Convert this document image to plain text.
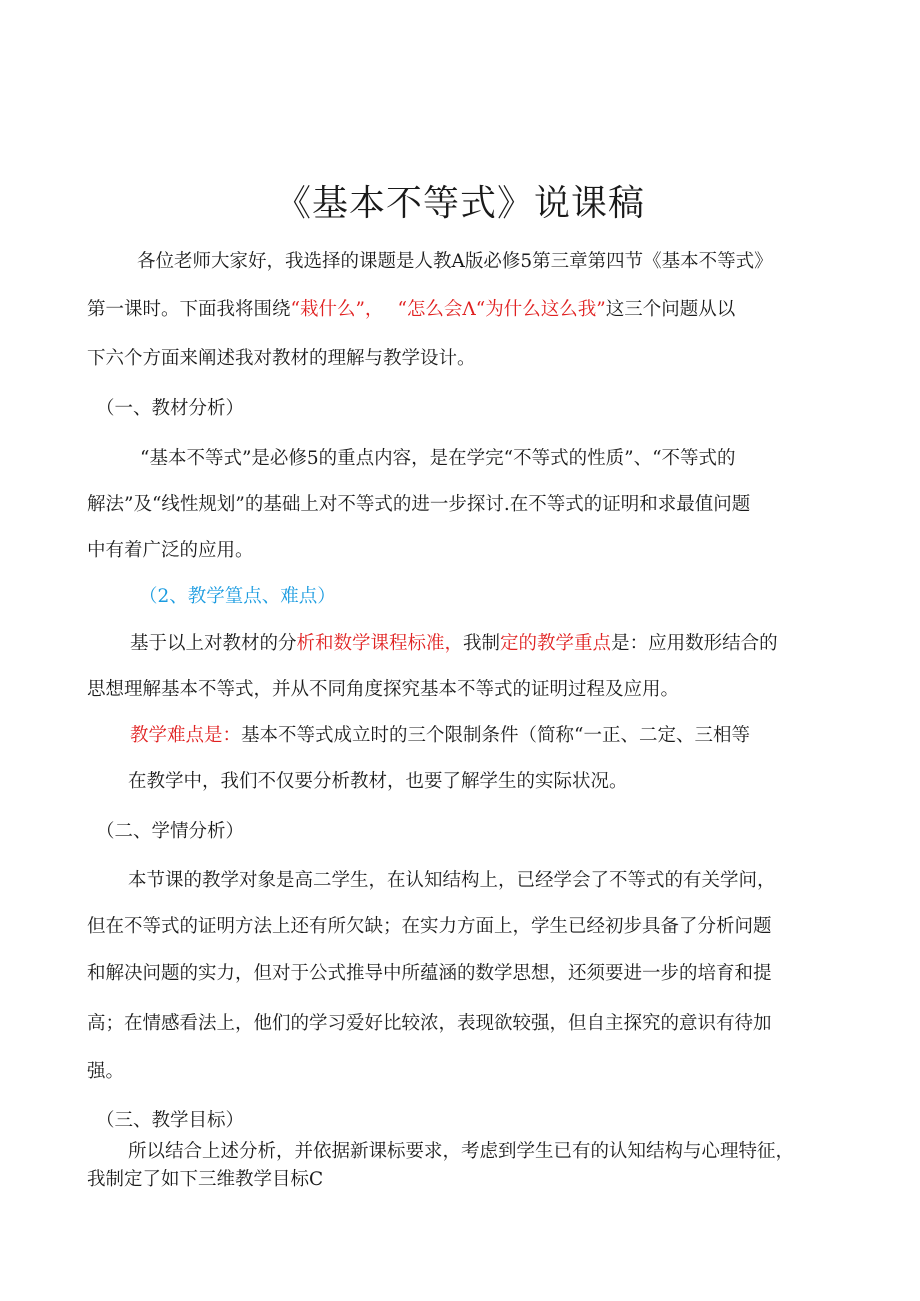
《基本不等式》说课稿
各位老师大家好，我选择的课题是人教A版必修5第三章第四节《基本不等式》
第一课时。下面我将围绕“栽什么”， “怎么会Λ“为什么这么我”这三个问题从以
下六个方面来阐述我对教材的理解与教学设计。
（一、教材分析）
“基本不等式”是必修5的重点内容，是在学完“不等式的性质”、“不等式的
解法”及“线性规划”的基础上对不等式的进一步探讨.在不等式的证明和求最值问题
中有着广泛的应用。
（2、教学篁点、难点）
基于以上对教材的分析和数学课程标准，我制定的教学重点是：应用数形结合的
思想理解基本不等式，并从不同角度探究基本不等式的证明过程及应用。
教学难点是：基本不等式成立时的三个限制条件（简称“一正、二定、三相等
在教学中，我们不仅要分析教材，也要了解学生的实际状况。
（二、学情分析）
本节课的教学对象是高二学生，在认知结构上，已经学会了不等式的有关学问，
但在不等式的证明方法上还有所欠缺；在实力方面上，学生已经初步具备了分析问题
和解决问题的实力，但对于公式推导中所蕴涵的数学思想，还须要进一步的培育和提
高；在情感看法上，他们的学习爱好比较浓，表现欲较强，但自主探究的意识有待加
强。
（三、教学目标）
所以结合上述分析，并依据新课标要求，考虑到学生已有的认知结构与心理特征，
我制定了如下三维教学目标C
